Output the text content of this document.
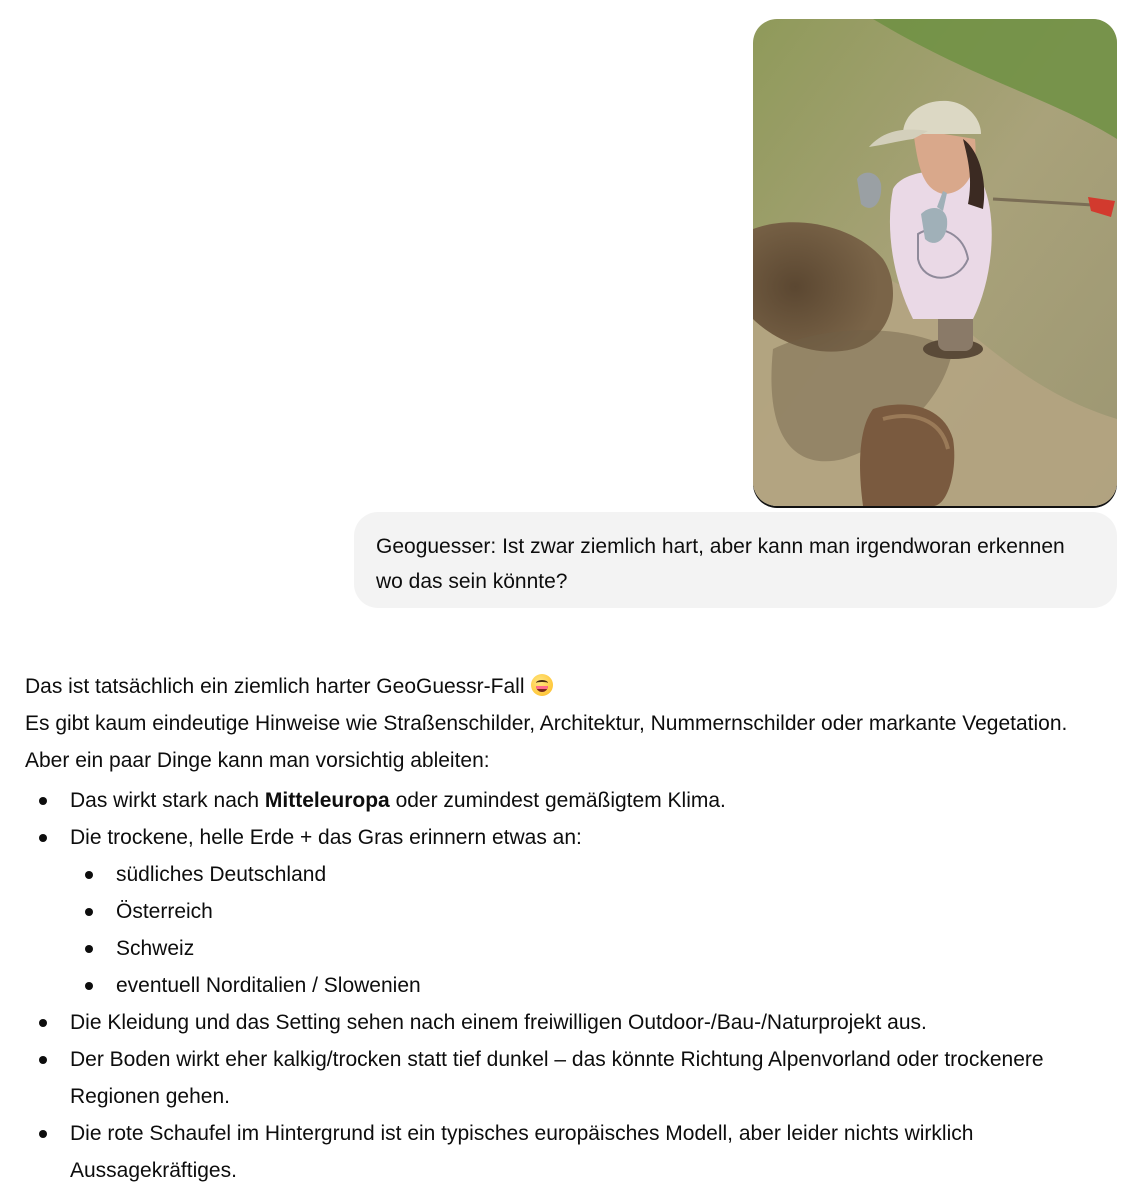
Geoguesser: Ist zwar ziemlich hart, aber kann man irgendworan erkennen wo das sein könnte?

Das ist tatsächlich ein ziemlich harter GeoGuessr-Fall
Es gibt kaum eindeutige Hinweise wie Straßenschilder, Architektur, Nummernschilder oder markante Vegetation. Aber ein paar Dinge kann man vorsichtig ableiten:

Das wirkt stark nach Mitteleuropa oder zumindest gemäßigtem Klima.
Die trockene, helle Erde + das Gras erinnern etwas an:
südliches Deutschland
Österreich
Schweiz
eventuell Norditalien / Slowenien
Die Kleidung und das Setting sehen nach einem freiwilligen Outdoor-/Bau-/Naturprojekt aus.
Der Boden wirkt eher kalkig/trocken statt tief dunkel – das könnte Richtung Alpenvorland oder trockenere Regionen gehen.
Die rote Schaufel im Hintergrund ist ein typisches europäisches Modell, aber leider nichts wirklich Aussagekräftiges.
